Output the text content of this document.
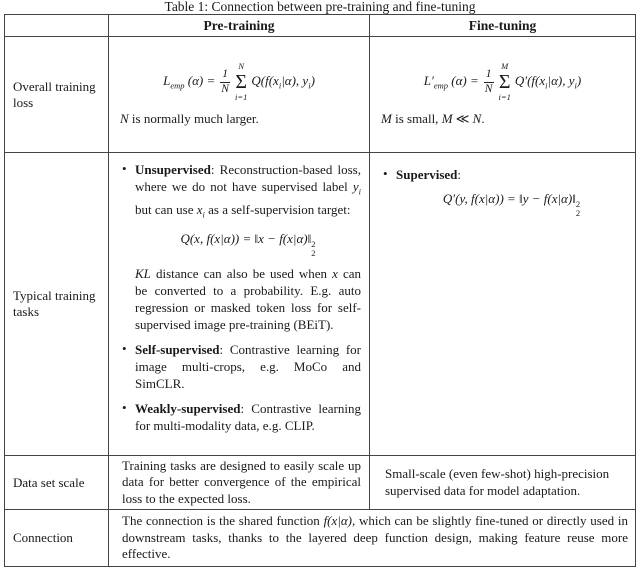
Table 1: Connection between pre-training and fine-tuning
Pre-training	Fine-tuning
Overall training loss
$L_{emp}$ $(\alpha) = \frac{1}{N}$
N
Σ
i=1
$Q(f(x_i|\alpha)$, $y_i$)
N is normally much larger.
$L'_{emp}$ $(\alpha) = \frac{1}{N}$
M
Σ
i=1
$Q'(f(x_i|\alpha)$, $y_i$)
M is small, M ≪ N.
Typical training tasks
• Unsupervised: Reconstruction-based loss, where we do not have supervised label $y_i$ but can use $x_i$ as a self-supervision target:
Q(x, f(x|α)) = ‖x − f(x|α)‖ 2
2
KL distance can also be used when x can be converted to a probability. E.g. auto regression or masked token loss for self-supervised image pre-training (BEiT).
• Self-supervised: Contrastive learning for image multi-crops, e.g. MoCo and SimCLR.
• Weakly-supervised: Contrastive learning for multi-modality data, e.g. CLIP.
• Supervised:
Q′(y, f(x|α)) = ‖y − f(x|α)‖ 2
2
Data set scale
Training tasks are designed to easily scale up data for better convergence of the empirical loss to the expected loss.
Small-scale (even few-shot) high-precision supervised data for model adaptation.
Connection
The connection is the shared function f(x|α), which can be slightly fine-tuned or directly used in downstream tasks, thanks to the layered deep function design, making feature reuse more effective.
